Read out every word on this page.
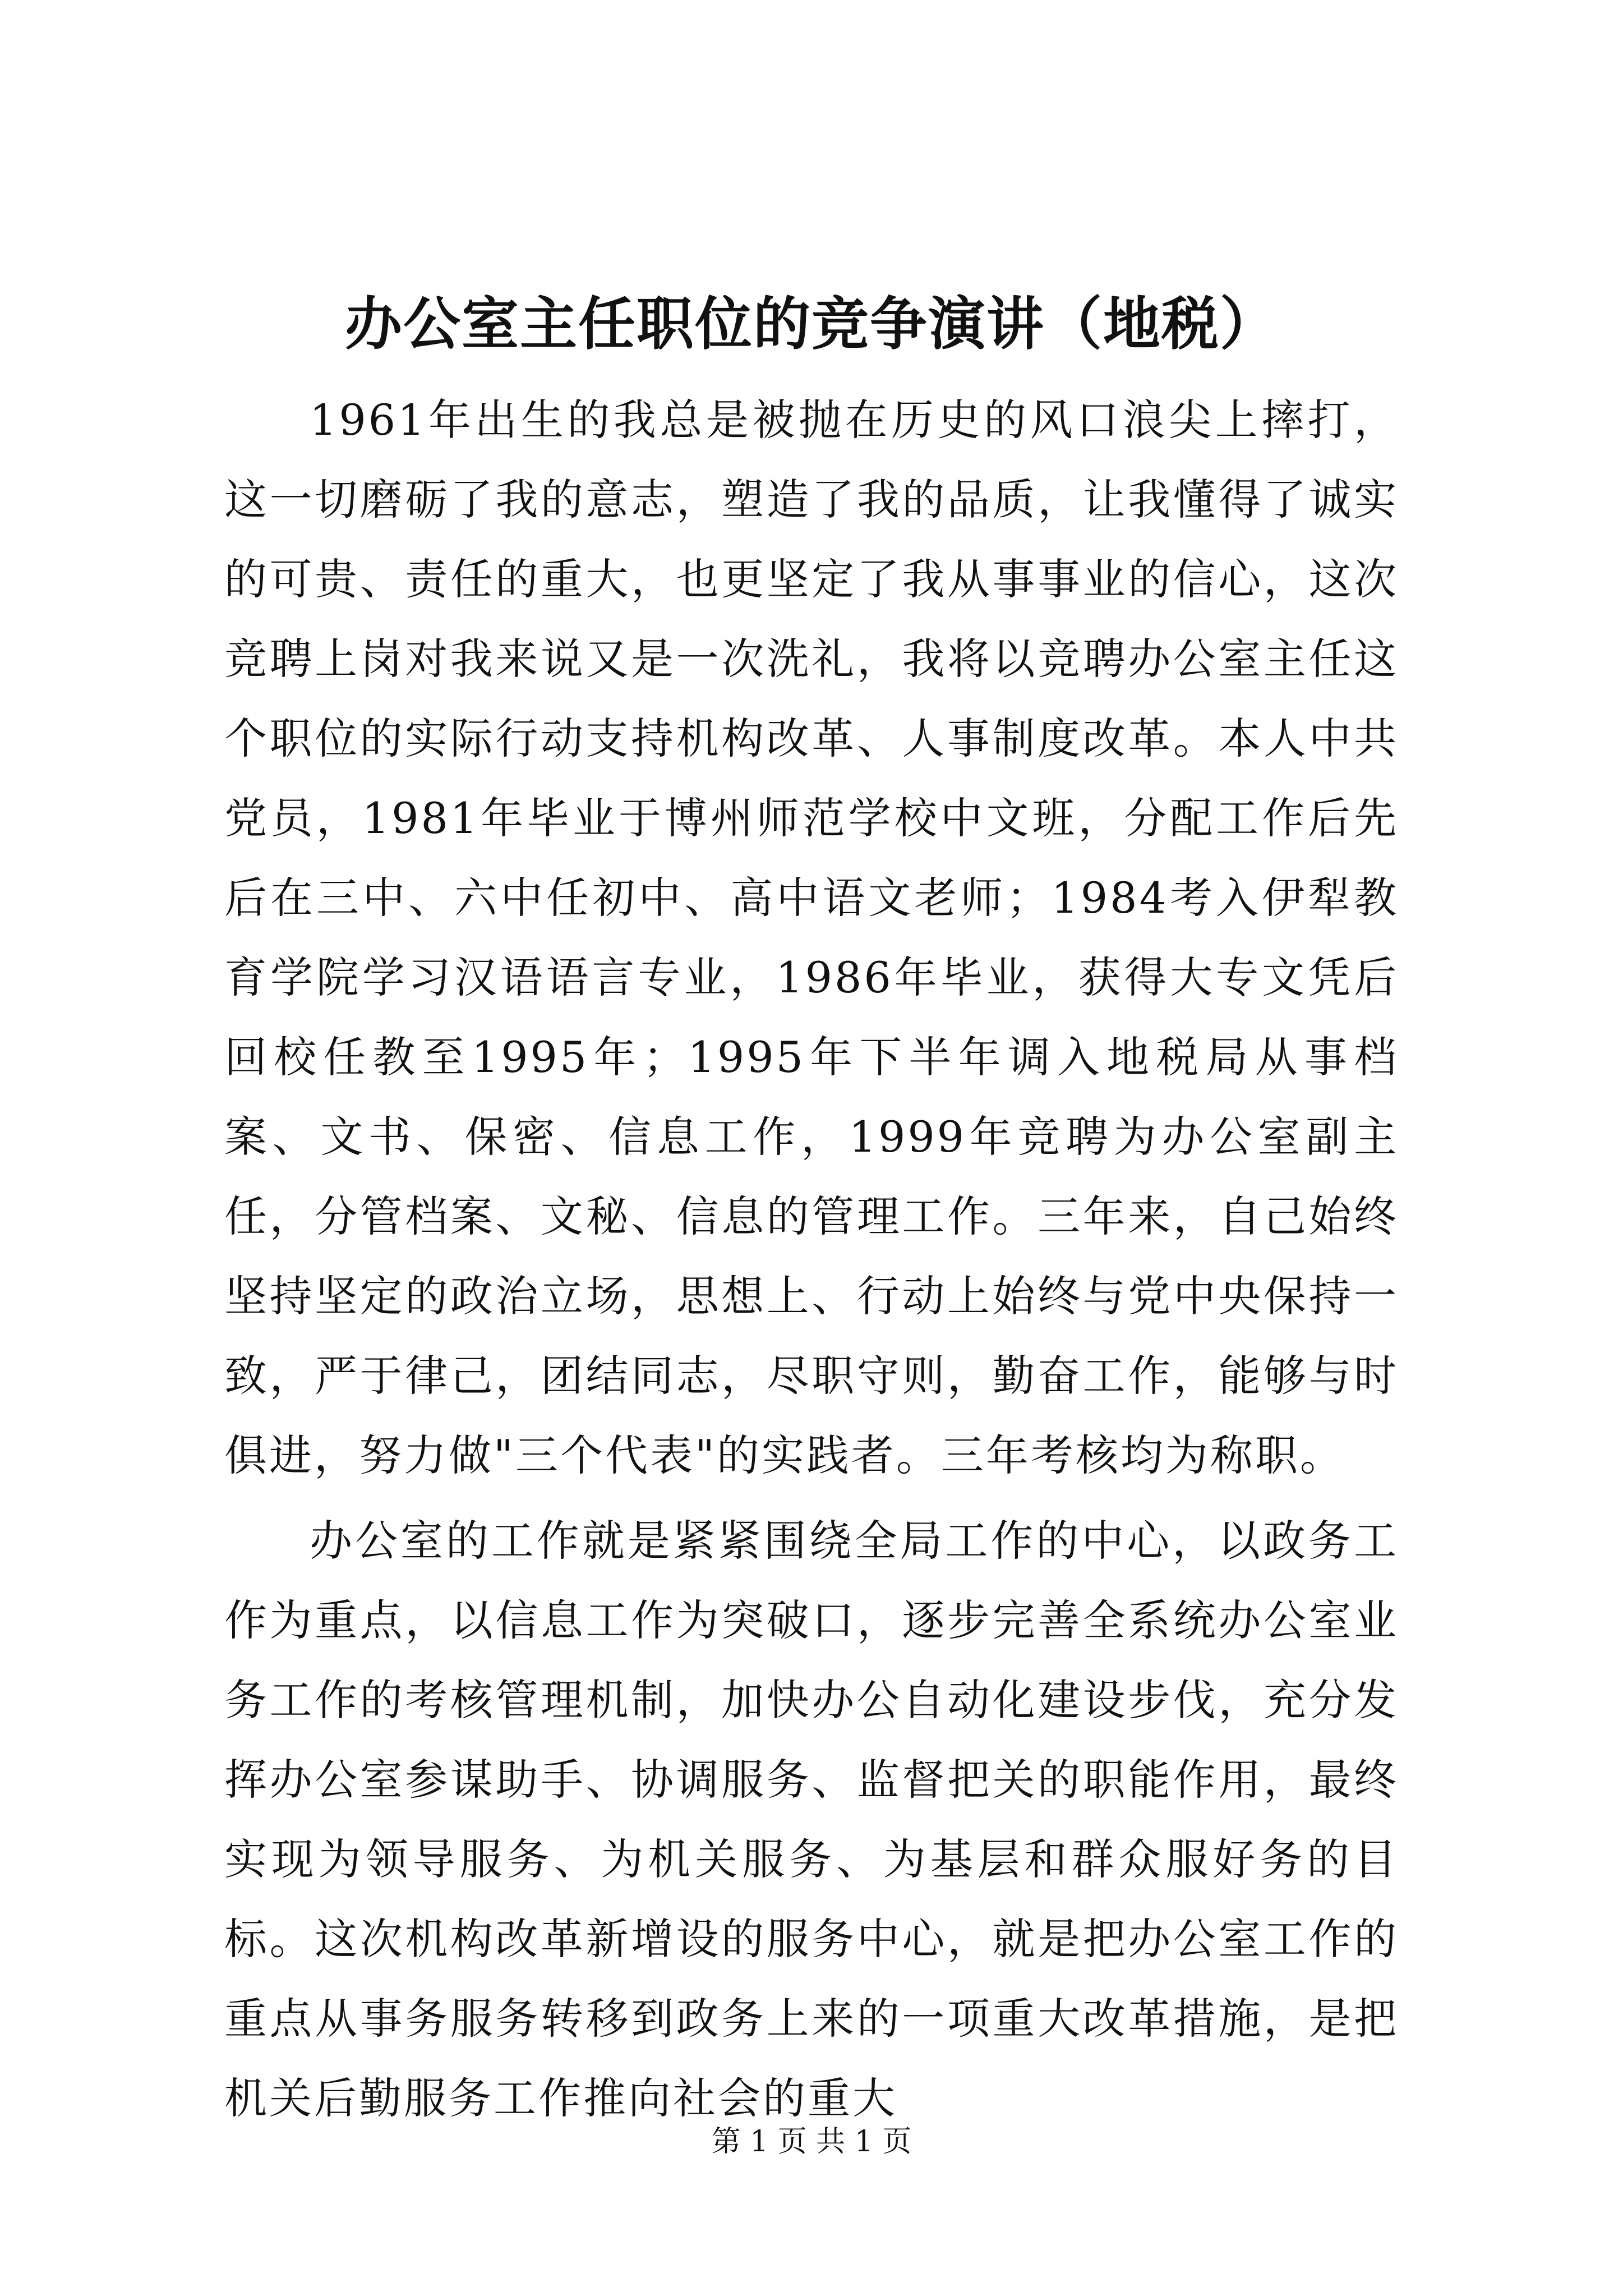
办公室主任职位的竞争演讲（地税）

1961年出生的我总是被抛在历史的风口浪尖上摔打，这一切磨砺了我的意志，塑造了我的品质，让我懂得了诚实的可贵、责任的重大，也更坚定了我从事事业的信心，这次竞聘上岗对我来说又是一次洗礼，我将以竞聘办公室主任这个职位的实际行动支持机构改革、人事制度改革。本人中共党员，1981年毕业于博州师范学校中文班，分配工作后先后在三中、六中任初中、高中语文老师；1984考入伊犁教育学院学习汉语语言专业，1986年毕业，获得大专文凭后回校任教至1995年；1995年下半年调入地税局从事档案、文书、保密、信息工作，1999年竞聘为办公室副主任，分管档案、文秘、信息的管理工作。三年来，自己始终坚持坚定的政治立场，思想上、行动上始终与党中央保持一致，严于律己，团结同志，尽职守则，勤奋工作，能够与时俱进，努力做"三个代表"的实践者。三年考核均为称职。

办公室的工作就是紧紧围绕全局工作的中心，以政务工作为重点，以信息工作为突破口，逐步完善全系统办公室业务工作的考核管理机制，加快办公自动化建设步伐，充分发挥办公室参谋助手、协调服务、监督把关的职能作用，最终实现为领导服务、为机关服务、为基层和群众服好务的目标。这次机构改革新增设的服务中心，就是把办公室工作的重点从事务服务转移到政务上来的一项重大改革措施，是把机关后勤服务工作推向社会的重大

第 1 页 共 1 页
